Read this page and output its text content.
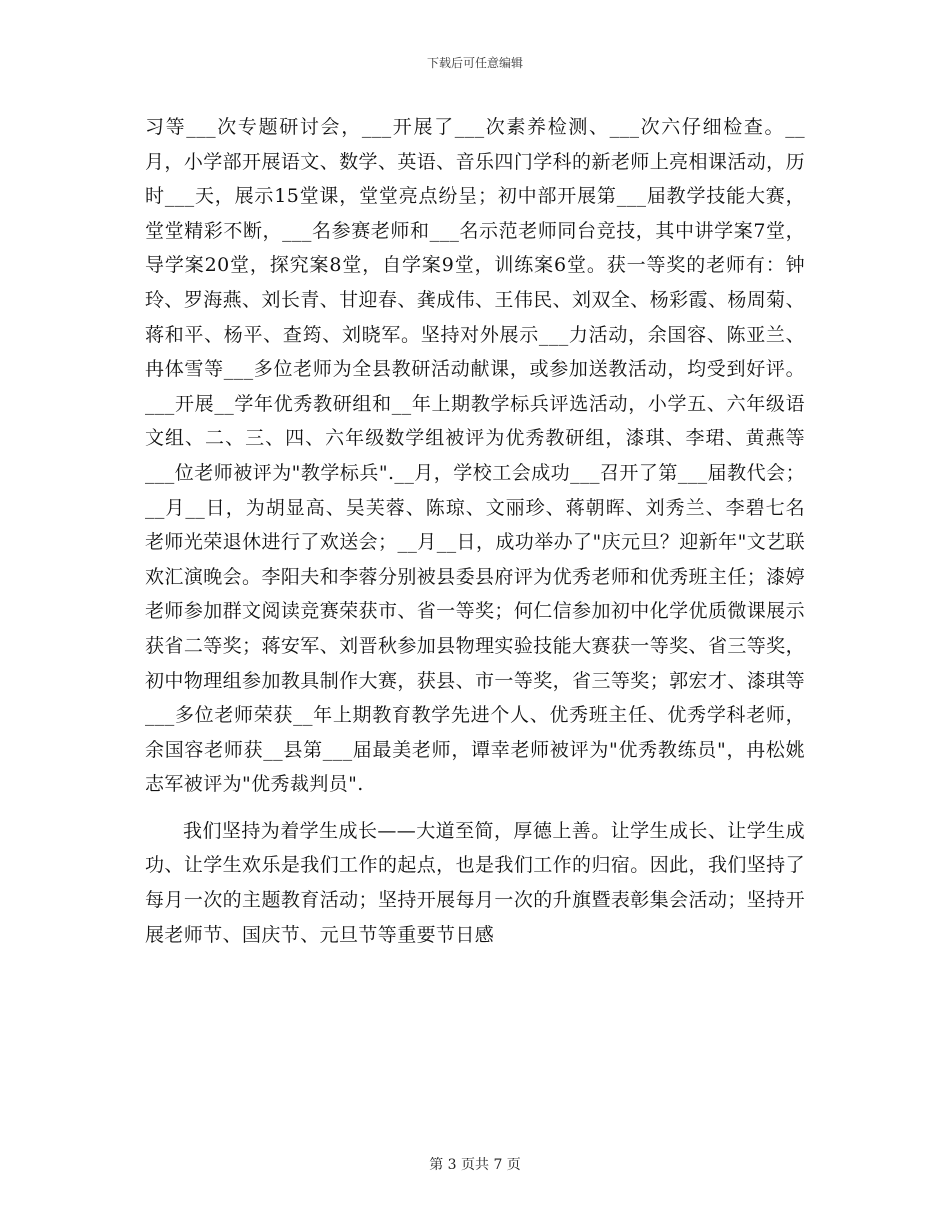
下载后可任意编辑

习等___次专题研讨会，___开展了___次素养检测、___次六仔细检查。__月，小学部开展语文、数学、英语、音乐四门学科的新老师上亮相课活动，历时___天，展示15堂课，堂堂亮点纷呈；初中部开展第___届教学技能大赛，堂堂精彩不断，___名参赛老师和___名示范老师同台竞技，其中讲学案7堂，导学案20堂，探究案8堂，自学案9堂，训练案6堂。获一等奖的老师有：钟玲、罗海燕、刘长青、甘迎春、龚成伟、王伟民、刘双全、杨彩霞、杨周菊、蒋和平、杨平、查筠、刘晓军。坚持对外展示___力活动，余国容、陈亚兰、冉体雪等___多位老师为全县教研活动献课，或参加送教活动，均受到好评。___开展__学年优秀教研组和__年上期教学标兵评选活动，小学五、六年级语文组、二、三、四、六年级数学组被评为优秀教研组，漆琪、李珺、黄燕等___位老师被评为"教学标兵".__月，学校工会成功___召开了第___届教代会；__月__日，为胡显高、吴芙蓉、陈琼、文丽珍、蒋朝晖、刘秀兰、李碧七名老师光荣退休进行了欢送会；__月__日，成功举办了"庆元旦？迎新年"文艺联欢汇演晚会。李阳夫和李蓉分别被县委县府评为优秀老师和优秀班主任；漆婷老师参加群文阅读竞赛荣获市、省一等奖；何仁信参加初中化学优质微课展示获省二等奖；蒋安军、刘晋秋参加县物理实验技能大赛获一等奖、省三等奖，初中物理组参加教具制作大赛，获县、市一等奖，省三等奖；郭宏才、漆琪等___多位老师荣获__年上期教育教学先进个人、优秀班主任、优秀学科老师，余国容老师获__县第___届最美老师，谭幸老师被评为"优秀教练员"，冉松姚志军被评为"优秀裁判员".

我们坚持为着学生成长——大道至简，厚德上善。让学生成长、让学生成功、让学生欢乐是我们工作的起点，也是我们工作的归宿。因此，我们坚持了每月一次的主题教育活动；坚持开展每月一次的升旗暨表彰集会活动；坚持开展老师节、国庆节、元旦节等重要节日感

第 3 页共 7 页
